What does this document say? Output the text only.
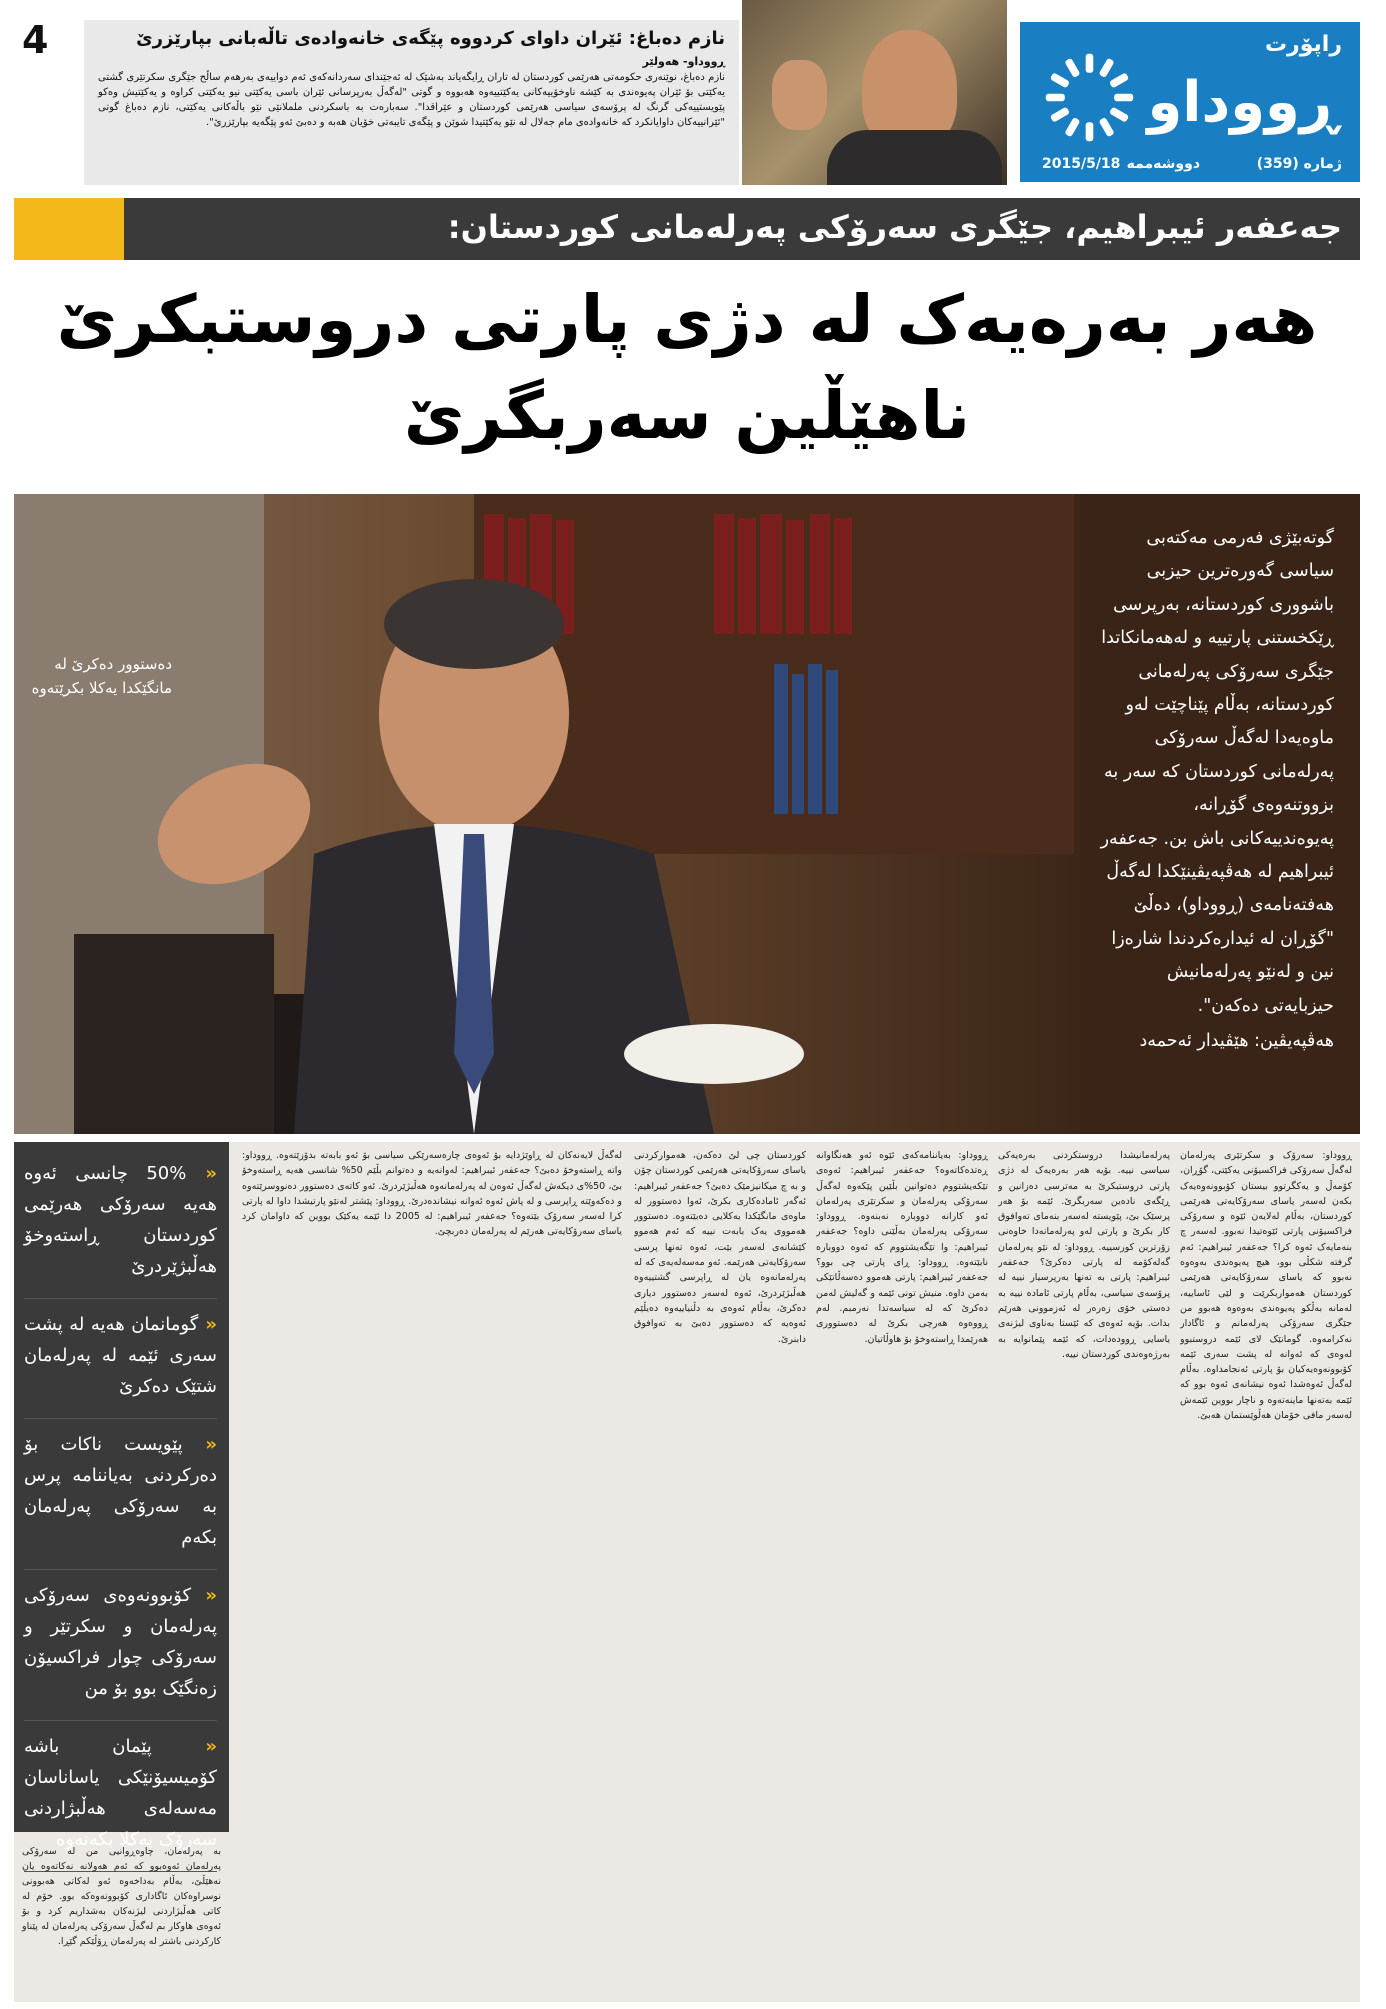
4	نازم دەباغ: ئێران داوای کردووە پێگەی خانەوادەی تاڵەبانی بپارێزرێ
ڕووداو- هەولێر
نازم دەباغ، نوێنەری حکومەتی هەرێمی کوردستان لە تاران ڕایگەیاند بەشێک لە ئەجێنداى سەردانەکەی ئەم دواییەی بەرهەم ساڵح جێگری سکرتێری گشتی یەکێتی بۆ ئێران پەیوەندی بە کێشە ناوخۆییەکانی یەکێتییەوە هەبووە و گوتی "لەگەڵ بەرپرسانی ئێران باسی یەکێتی نیو یەکێتی کراوە و یەکێتیش وەکو پێویستییەکی گرنگ لە پرۆسەی سیاسی هەرێمی کوردستان و عێراقدا". سەبارەت بە باسکردنی ململانێی نێو باڵەکانی یەکێتی، نازم دەباغ گوتی "ئێرانییەکان داوایانکرد کە خانەوادەی مام جەلال لە نێو یەکێتیدا شوێن و پێگەی تایبەتی خۆیان هەبە و دەبێ ئەو پێگەیە بپارێزرێ".
راپۆرت
ڕووداو
ژمارە (359)
دووشەممە
2015/5/18
جەعفەر ئیبراهیم، جێگری سەرۆکی پەرلەمانی کوردستان:
هەر بەرەیەک لە دژی پارتی دروستبکرێ
ناهێڵین سەربگرێ
دەستوور دەکرێ لە مانگێکدا یەکلا بکرێتەوە
گوتەبێژی فەرمی مەکتەبی سیاسی گەورەترین حیزبی باشووری کوردستانە، بەرپرسی ڕێکخستنی پارتییە و لەهەمانکاتدا جێگری سەرۆکی پەرلەمانی کوردستانە، بەڵام پێناچێت لەو ماوەیەدا لەگەڵ سەرۆکی پەرلەمانی کوردستان کە سەر بە بزووتنەوەی گۆڕانە، پەیوەندییەکانی باش بن. جەعفەر ئیبراهیم لە هەڤپەیڤینێکدا لەگەڵ هەفتەنامەی (ڕووداو)، دەڵێ "گۆڕان لە ئیدارەکردندا شارەزا نین و لەنێو پەرلەمانیش حیزبایەتی دەکەن".
هەڤپەیڤین: هێڤیدار ئەحمەد
« 50% چانسی ئەوە هەیە سەرۆکی هەرێمی کوردستان ڕاستەوخۆ هەڵبژێردرێ
« گومانمان هەیە لە پشت سەری ئێمە لە پەرلەمان شتێک دەکرێ
« پێویست ناکات بۆ دەرکردنی بەیاننامە پرس بە سەرۆکی پەرلەمان بکەم
« کۆبوونەوەی سەرۆکی پەرلەمان و سکرتێر و سەرۆکی چوار فراکسیۆن زەنگێک بوو بۆ من
« پێمان باشە کۆمیسیۆنێکی یاساناسان مەسەلەی هەڵبژاردنی سەرۆک یەکلا بکەنەوە
بە پەرلەمان، چاوەڕوانیی من لە سەرۆکی پەرلەمان ئەوەبوو کە ئەم هەولانە نەکاتەوە یان نەهێڵێ، بەڵام بەداخەوە ئەو لەکاتی هەبوونی نوسراوەکان ئاگاداری کۆبوونەوەکە بوو. خۆم لە کاتی هەڵبژاردنی لیژنەکان بەشداریم کرد و بۆ ئەوەی هاوکار بم لەگەڵ سەرۆکی پەرلەمان لە پێناو کارکردنی باشتر لە پەرلەمان ڕۆڵێکم گێڕا.
ڕووداو: سەرۆک و سکرتێری پەرلەمان لەگەڵ سەرۆکی فراکسیۆنی یەکێتی، گۆڕان، کۆمەڵ و یەکگرتوو بیستان کۆبوونەوەیەک بکەن لەسەر یاسای سەرۆکایەتی هەرێمی کوردستان، بەڵام لەلایەن ئێوە و سەرۆکی فراکسیۆنی پارتی ئێوەتیدا نەبوو. لەسەر چ بنەمایەک ئەوە کرا؟ جەعفەر ئیبراهیم: ئەم گرفتە شکڵی بوو، هیچ پەیوەندی بەوەوە نەبوو کە یاسای سەرۆکایەتی هەرێمی کوردستان هەمواربکرێت و لێی ئاساییە، لەمانە بەڵکو پەیوەندی بەوەوە هەبوو من جێگری سەرۆکی پەرلەمانم و ئاگادار نەکرامەوە. گومانێک لای ئێمە دروستبوو لەوەی کە ئەوانە لە پشت سەری ئێمە کۆبوونەوەیەکیان بۆ پارتی ئەنجامداوە. بەڵام لەگەڵ ئەوەشدا ئەوە نیشانەی ئەوە بوو کە ئێمە بەتەنها ماینەتەوە و ناچار بووین ئێمەش لەسەر مافی خۆمان هەڵوێستمان هەبێ.
پەرلەمانیشدا دروستکردنی بەرەیەکی سیاسی نییە. بۆیە هەر بەرەیەک لە دژی پارتی دروستبکرێ بە مەترسی دەزانین و ڕێگەی نادەین سەربگرێ. ئێمە بۆ هەر پرسێک بێ، پێویستە لەسەر بنەمای تەوافوق کار بکرێ و پارتی لەو پەرلەمانەدا خاوەنی زۆرترین کورسییە. ڕووداو: لە نێو پەرلەمان گەلەکۆمە لە پارتی دەکرێ؟ جەعفەر ئیبراهیم: پارتی بە تەنها بەرپرسیار نییە لە پرۆسەی سیاسی، بەڵام پارتی ئامادە نییە بە دەستی خۆی زەرەر لە ئەزموونی هەرێم بدات. بۆیە ئەوەی کە ئێستا بەناوی لیژنەی یاسایی ڕوودەدات، کە ئێمە پێمانوایە بە بەرژەوەندی کوردستان نییە.
ڕووداو: بەیاننامەکەی ئێوە ئەو هەنگاوانە ڕەتدەکاتەوە؟ جەعفەر ئیبراهیم: ئەوەی تێکەیشتووم دەتوانین بڵێین پێکەوە لەگەڵ سەرۆکی پەرلەمان و سکرتێری پەرلەمان ئەو کارانە دووبارە نەبنەوە. ڕووداو: سەرۆکی پەرلەمان بەڵێنی داوە؟ جەعفەر ئیبراهیم: وا تێگەیشتووم کە ئەوە دووبارە نابێتەوە. ڕووداو: ڕای پارتی چی بوو؟ جەعفەر ئیبراهیم: پارتی هەموو دەسەڵاتێکی بەمن داوە. منیش تونی ئێمە و گەلیش لەمن دەکرێ کە لە سیاسەتدا نەرمبم. لەم ڕووەوە هەرچی بکرێ لە دەستووری هەرێمدا ڕاستەوخۆ بۆ هاوڵاتیان.
کوردستان چی لێ دەکەن، هەموارکردنی یاسای سەرۆکایەتی هەرێمی کوردستان چۆن و بە چ میکانیزمێک دەبێ؟ جەعفەر ئیبراهیم: ئەگەر ئامادەکاری بکرێ، ئەوا دەستوور لە ماوەی مانگێکدا یەکلایی دەبێتەوە. دەستوور هەمووی یەک بابەت نییە کە ئەم هەموو کێشانەی لەسەر بێت، ئەوە تەنها پرسی سەرۆکایەتی هەرێمە. ئەو مەسەلەیەی کە لە پەرلەمانەوە یان لە ڕاپرسی گشتییەوە هەڵبژێردرێ، ئەوە لەسەر دەستوور دیاری دەکرێ، بەڵام ئەوەی بە دڵنیاییەوە دەیڵێم ئەوەیە کە دەستوور دەبێ بە تەوافوق دابنرێ.
لەگەڵ لایەنەکان لە ڕاوێژدایە بۆ ئەوەی چارەسەرێکی سیاسی بۆ ئەو بابەتە بدۆزێتەوە. ڕووداو: واتە ڕاستەوخۆ دەبێ؟ جەعفەر ئیبراهیم: لەوانەیە و دەتوانم بڵێم 50% شانسی هەیە ڕاستەوخۆ بێ، 50%ی دیکەش لەگەڵ ئەوەن لە پەرلەمانەوە هەڵبژێردرێ. ئەو کاتەی دەستوور دەنووسرێتەوە و دەکەوێتە ڕاپرسی و لە پاش ئەوە ئەوانە نیشاندەدرێ. ڕووداو: پێشتر لەنێو پارتیشدا داوا لە پارتی کرا لەسەر سەرۆک بێتەوە؟ جەعفەر ئیبراهیم: لە 2005 دا ئێمە یەکێک بووین کە داوامان کرد یاسای سەرۆکایەتی هەرێم لە پەرلەمان دەربچێ.
